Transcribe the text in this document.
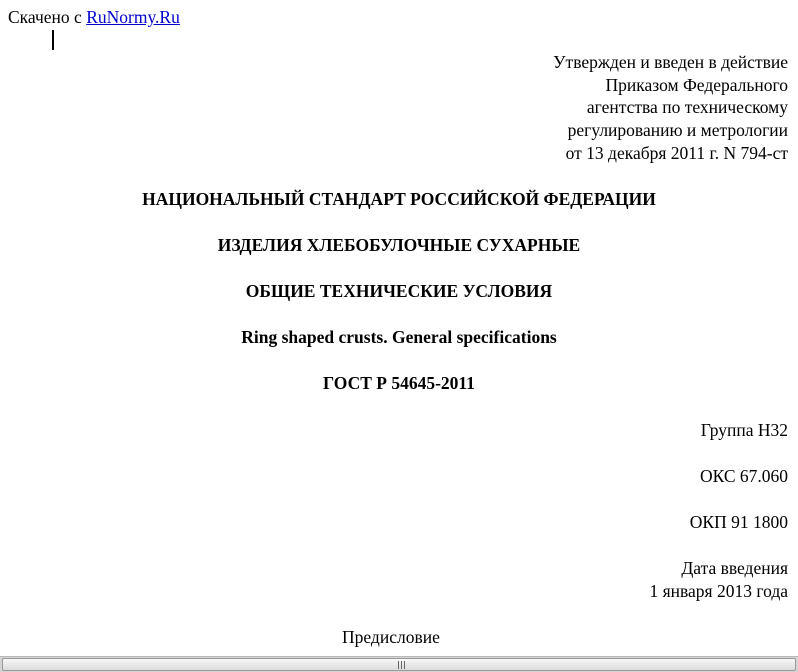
Скачено с RuNormy.Ru
Утвержден и введен в действие
Приказом Федерального
агентства по техническому
регулированию и метрологии
от 13 декабря 2011 г. N 794-ст
НАЦИОНАЛЬНЫЙ СТАНДАРТ РОССИЙСКОЙ ФЕДЕРАЦИИ
ИЗДЕЛИЯ ХЛЕБОБУЛОЧНЫЕ СУХАРНЫЕ
ОБЩИЕ ТЕХНИЧЕСКИЕ УСЛОВИЯ
Ring shaped crusts. General specifications
ГОСТ Р 54645-2011
Группа Н32
ОКС 67.060
ОКП 91 1800
Дата введения
1 января 2013 года
Предисловие
